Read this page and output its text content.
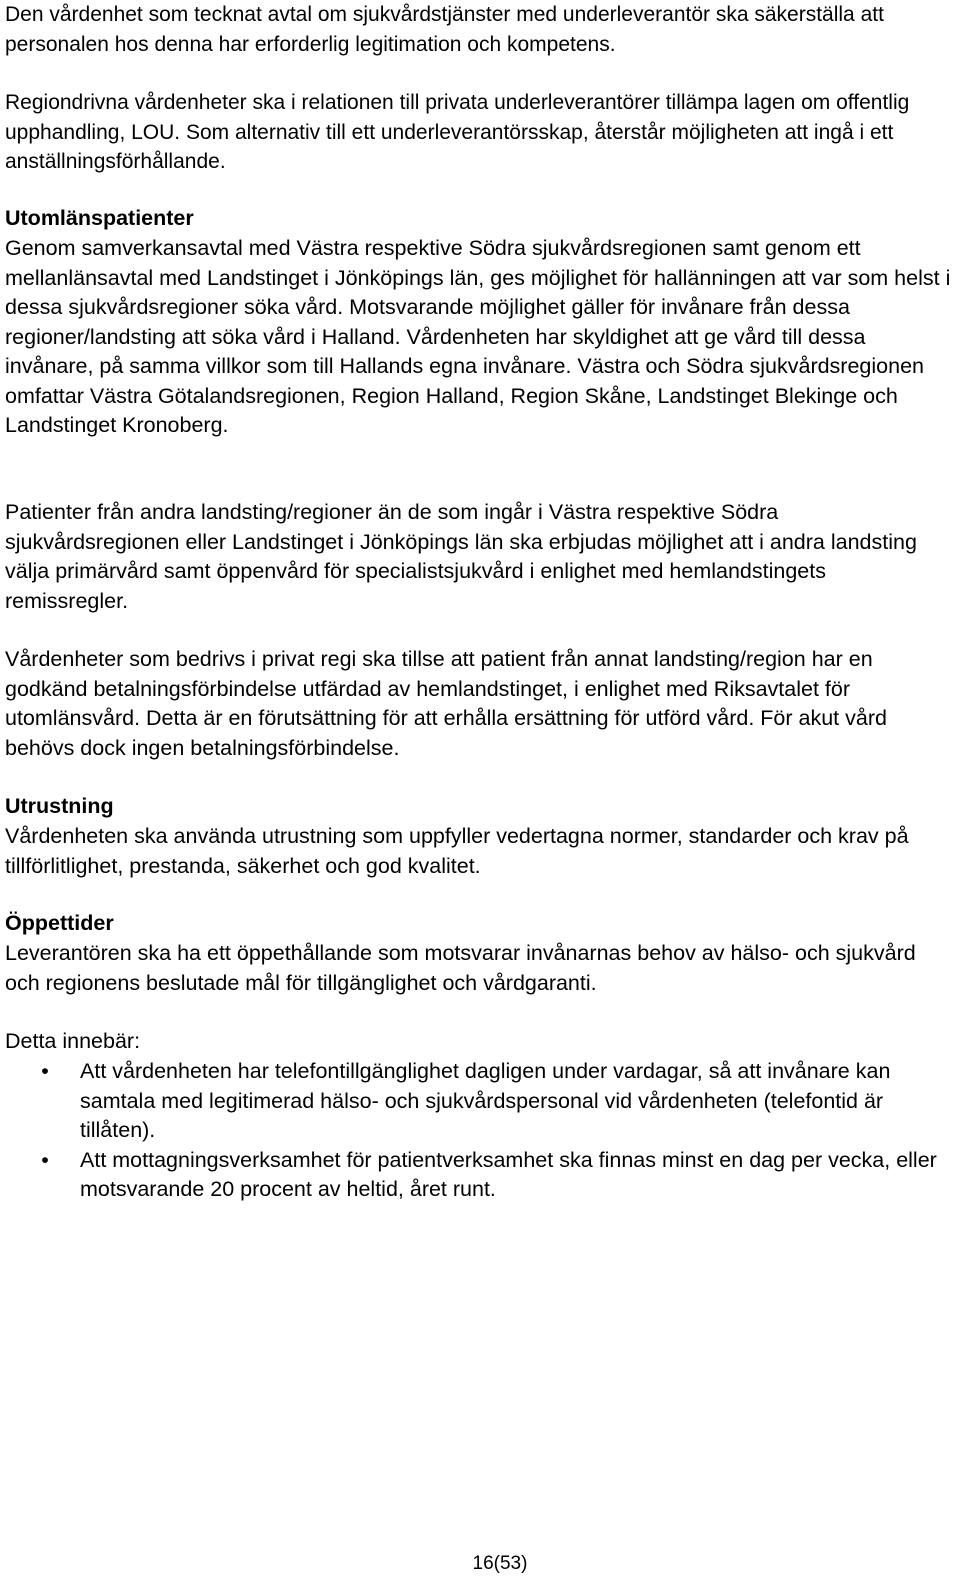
Den vårdenhet som tecknat avtal om sjukvårdstjänster med underleverantör ska säkerställa att personalen hos denna har erforderlig legitimation och kompetens.

Regiondrivna vårdenheter ska i relationen till privata underleverantörer tillämpa lagen om offentlig upphandling, LOU. Som alternativ till ett underleverantörsskap, återstår möjligheten att ingå i ett anställningsförhållande.

Utomlänspatienter

Genom samverkansavtal med Västra respektive Södra sjukvårdsregionen samt genom ett mellanlänsavtal med Landstinget i Jönköpings län, ges möjlighet för hallänningen att var som helst i dessa sjukvårdsregioner söka vård. Motsvarande möjlighet gäller för invånare från dessa regioner/landsting att söka vård i Halland. Vårdenheten har skyldighet att ge vård till dessa invånare, på samma villkor som till Hallands egna invånare. Västra och Södra sjukvårdsregionen omfattar Västra Götalandsregionen, Region Halland, Region Skåne, Landstinget Blekinge och Landstinget Kronoberg.

Patienter från andra landsting/regioner än de som ingår i Västra respektive Södra sjukvårdsregionen eller Landstinget i Jönköpings län ska erbjudas möjlighet att i andra landsting välja primärvård samt öppenvård för specialistsjukvård i enlighet med hemlandstingets remissregler.

Vårdenheter som bedrivs i privat regi ska tillse att patient från annat landsting/region har en godkänd betalningsförbindelse utfärdad av hemlandstinget, i enlighet med Riksavtalet för utomlänsvård. Detta är en förutsättning för att erhålla ersättning för utförd vård. För akut vård behövs dock ingen betalningsförbindelse.

Utrustning

Vårdenheten ska använda utrustning som uppfyller vedertagna normer, standarder och krav på tillförlitlighet, prestanda, säkerhet och god kvalitet.

Öppettider

Leverantören ska ha ett öppethållande som motsvarar invånarnas behov av hälso- och sjukvård och regionens beslutade mål för tillgänglighet och vårdgaranti.

Detta innebär:

• Att vårdenheten har telefontillgänglighet dagligen under vardagar, så att invånare kan samtala med legitimerad hälso- och sjukvårdspersonal vid vårdenheten (telefontid är tillåten).
• Att mottagningsverksamhet för patientverksamhet ska finnas minst en dag per vecka, eller motsvarande 20 procent av heltid, året runt.
16(53)
